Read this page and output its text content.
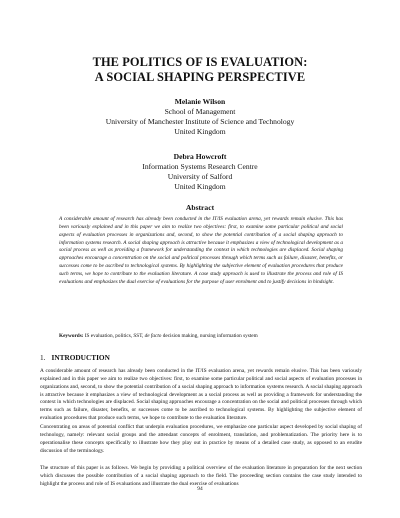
THE POLITICS OF IS EVALUATION:
A SOCIAL SHAPING PERSPECTIVE
Melanie Wilson
School of Management
University of Manchester Institute of Science and Technology
United Kingdom
Debra Howcroft
Information Systems Research Centre
University of Salford
United Kingdom
Abstract

A considerable amount of research has already been conducted in the IT/IS evaluation arena, yet rewards remain elusive. This has been variously explained and in this paper we aim to realize two objectives: first, to examine some particular political and social aspects of evaluation processes in organizations and, second, to show the potential contribution of a social shaping approach to information systems research. A social shaping approach is attractive because it emphasizes a view of technological development as a social process as well as providing a framework for understanding the context in which technologies are displaced. Social shaping approaches encourage a concentration on the social and political processes through which terms such as failure, disaster, benefits, or successes come to be ascribed to technological systems. By highlighting the subjective element of evaluation procedures that produce such terms, we hope to contribute to the evaluation literature. A case study approach is used to illustrate the process and role of IS evaluations and emphasizes the dual exercise of evaluations for the purpose of user enrolment and to justify decisions in hindsight.

Keywords: IS evaluation, politics, SST, de facto decision making, nursing information system

1. INTRODUCTION

A considerable amount of research has already been conducted in the IT/IS evaluation arena, yet rewards remain elusive. This has been variously explained and in this paper we aim to realize two objectives: first, to examine some particular political and social aspects of evaluation processes in organizations and, second, to show the potential contribution of a social shaping approach to information systems research. A social shaping approach is attractive because it emphasizes a view of technological development as a social process as well as providing a framework for understanding the context in which technologies are displaced. Social shaping approaches encourage a concentration on the social and political processes through which terms such as failure, disaster, benefits, or successes come to be ascribed to technological systems. By highlighting the subjective element of evaluation procedures that produce such terms, we hope to contribute to the evaluation literature.

Concentrating on areas of potential conflict that underpin evaluation procedures, we emphasize one particular aspect developed by social shaping of technology, namely: relevant social groups and the attendant concepts of enrolment, translation, and problematization. The priority here is to operationalise these concepts specifically to illustrate how they play out in practice by means of a detailed case study, as opposed to an erudite discussion of the terminology.

The structure of this paper is as follows. We begin by providing a political overview of the evaluation literature in preparation for the next section which discusses the possible contribution of a social shaping approach to the field. The proceeding section contains the case study intended to highlight the process and role of IS evaluations and illustrate the dual exercise of evaluations

94
